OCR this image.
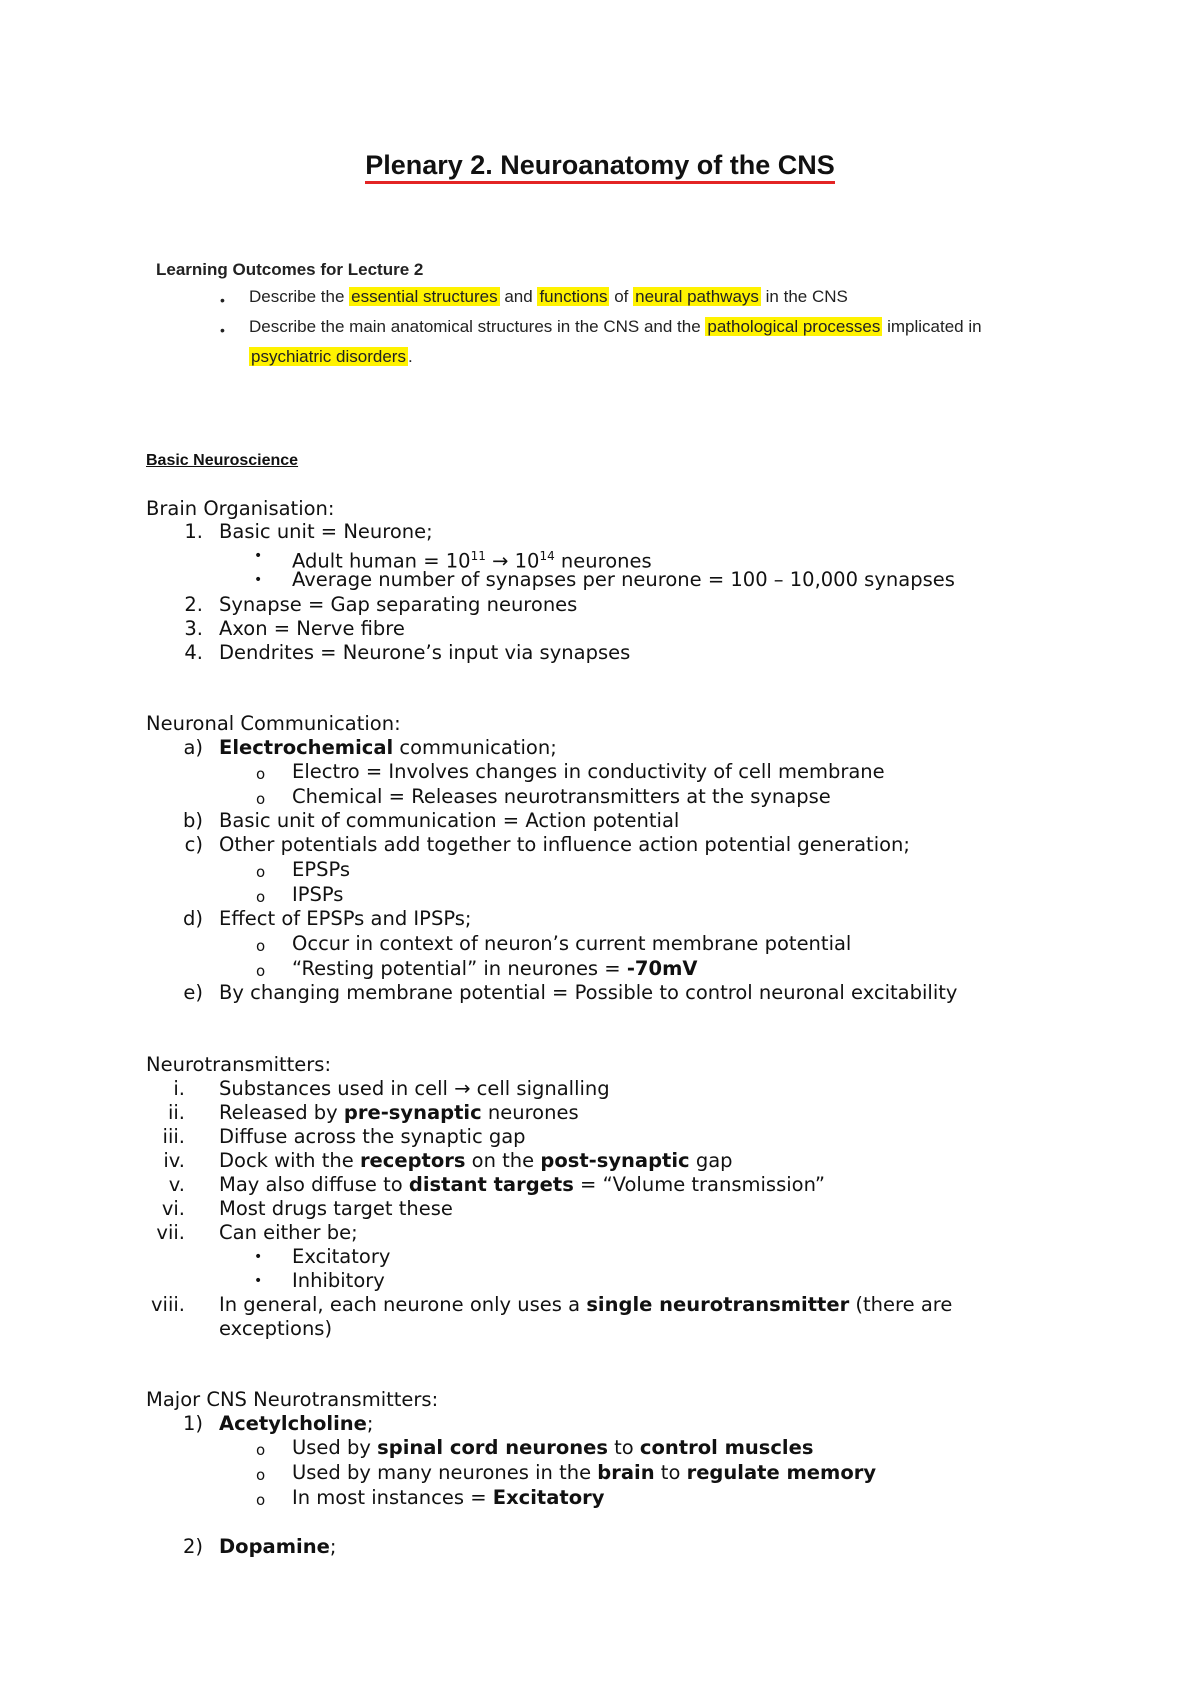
Plenary 2. Neuroanatomy of the CNS
Learning Outcomes for Lecture 2
• Describe the essential structures and functions of neural pathways in the CNS
• Describe the main anatomical structures in the CNS and the pathological processes implicated in
psychiatric disorders .
Basic Neuroscience
Brain Organisation:
1. Basic unit = Neurone;
• Adult human = $10^{11} \to 10^{14}$ neurones
• Average number of synapses per neurone = 100 – 10,000 synapses
2. Synapse = Gap separating neurones
3. Axon = Nerve fibre
4. Dendrites = Neurone’s input via synapses
Neuronal Communication:
a) Electrochemical communication;
o Electro = Involves changes in conductivity of cell membrane
o Chemical = Releases neurotransmitters at the synapse
b) Basic unit of communication = Action potential
c) Other potentials add together to influence action potential generation;
o EPSPs
o IPSPs
d) Effect of EPSPs and IPSPs;
o Occur in context of neuron’s current membrane potential
o “Resting potential” in neurones = -70mV
e) By changing membrane potential = Possible to control neuronal excitability
Neurotransmitters:
i. Substances used in cell → cell signalling
ii. Released by pre-synaptic neurones
iii. Diffuse across the synaptic gap
iv. Dock with the receptors on the post-synaptic gap
v. May also diffuse to distant targets = “Volume transmission”
vi. Most drugs target these
vii. Can either be;
• Excitatory
• Inhibitory
viii. In general, each neurone only uses a single neurotransmitter (there are
exceptions)
Major CNS Neurotransmitters:
1) Acetylcholine;
o Used by spinal cord neurones to control muscles
o Used by many neurones in the brain to regulate memory
o In most instances = Excitatory
2) Dopamine;
